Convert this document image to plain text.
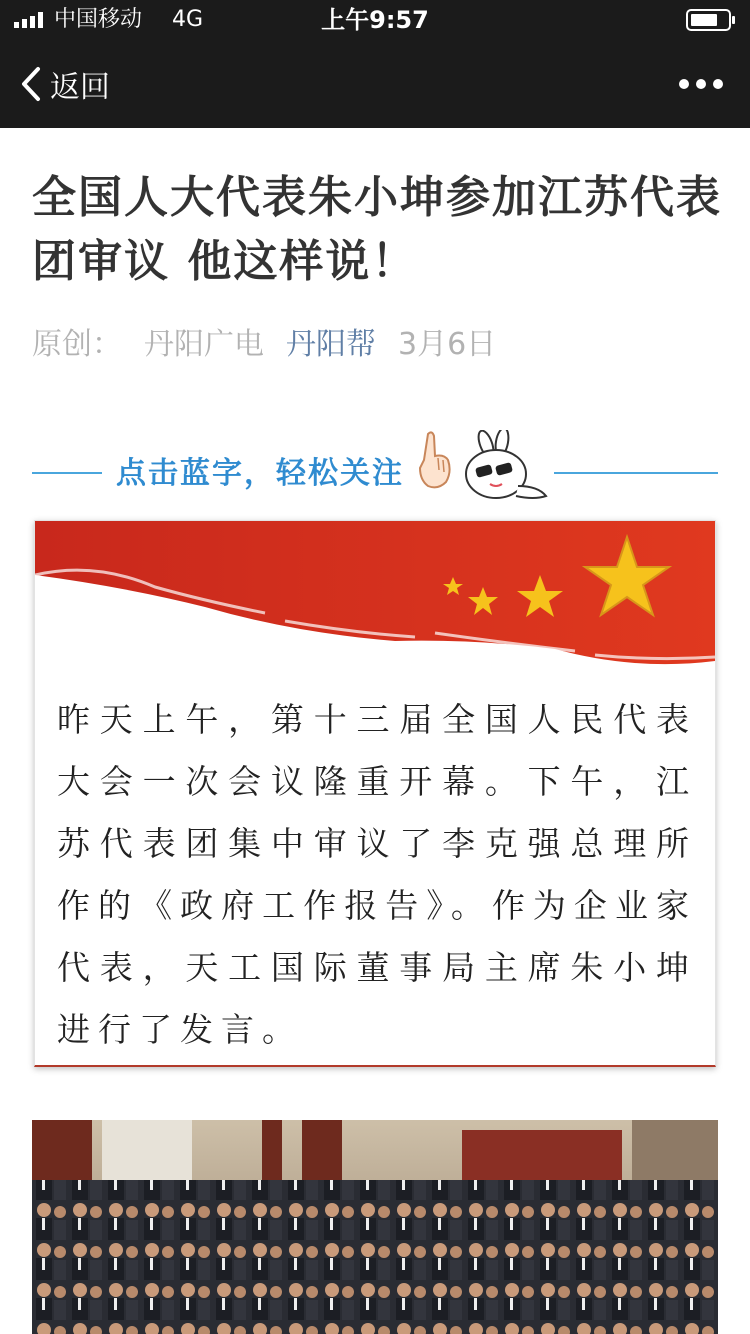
中国移动 4G	上午9:57
返回
全国人大代表朱小坤参加江苏代表团审议 他这样说！
原创： 丹阳广电 丹阳帮 3月6日
点击蓝字，轻松关注
昨天上午，第十三届全国人民代表大会一次会议隆重开幕。下午，江苏代表团集中审议了李克强总理所作的《政府工作报告》。作为企业家代表，天工国际董事局主席朱小坤进行了发言。
